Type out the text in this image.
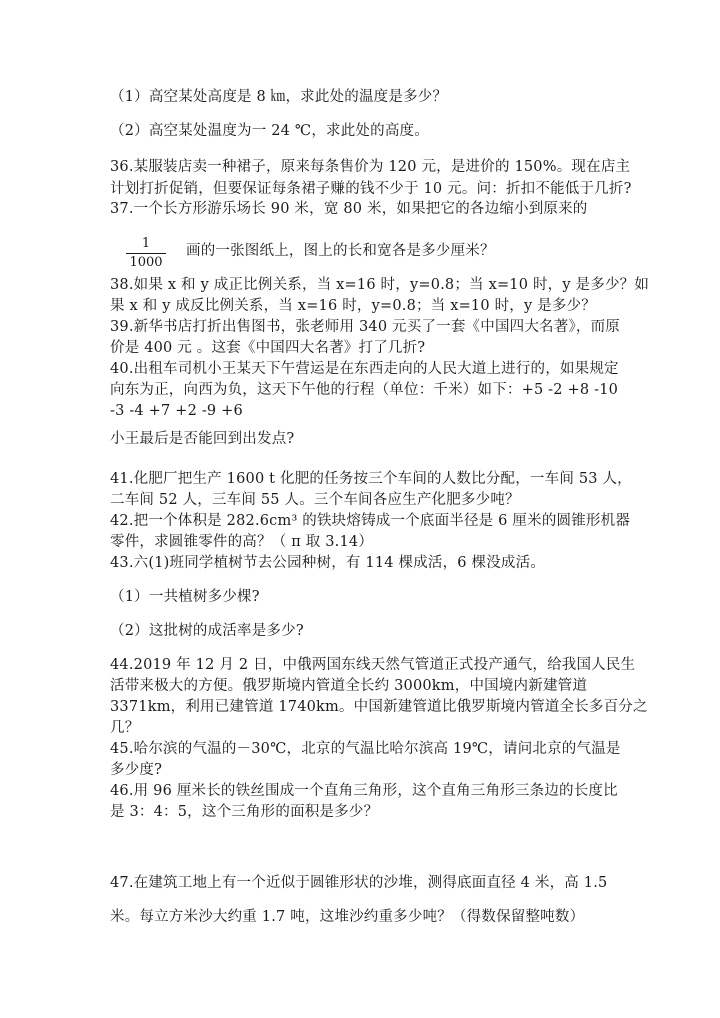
（1）高空某处高度是 8 ㎞，求此处的温度是多少？
（2）高空某处温度为一 24 ℃，求此处的高度。
36.某服装店卖一种裙子，原来每条售价为 120 元，是进价的 150%。现在店主
计划打折促销，但要保证每条裙子赚的钱不少于 10 元。问：折扣不能低于几折?
37.一个长方形游乐场长 90 米，宽 80 米，如果把它的各边缩小到原来的
$\frac{1}{1000}$ 画的一张图纸上，图上的长和宽各是多少厘米？
38.如果 x 和 y 成正比例关系，当 x=16 时，y=0.8；当 x=10 时，y 是多少？如
果 x 和 y 成反比例关系，当 x=16 时，y=0.8；当 x=10 时，y 是多少？
39.新华书店打折出售图书，张老师用 340 元买了一套《中国四大名著》，而原
价是 400 元 。这套《中国四大名著》打了几折?
40.出租车司机小王某天下午营运是在东西走向的人民大道上进行的，如果规定
向东为正，向西为负，这天下午他的行程（单位：千米）如下：+5 -2 +8 -10
-3 -4 +7 +2 -9 +6
小王最后是否能回到出发点?
41.化肥厂把生产 1600 t 化肥的任务按三个车间的人数比分配，一车间 53 人，
二车间 52 人，三车间 55 人。三个车间各应生产化肥多少吨？
42.把一个体积是 282.6cm³ 的铁块熔铸成一个底面半径是 6 厘米的圆锥形机器
零件，求圆锥零件的高？（ π 取 3.14）
43.六(1)班同学植树节去公园种树，有 114 棵成活，6 棵没成活。
（1）一共植树多少棵?
（2）这批树的成活率是多少?
44.2019 年 12 月 2 日，中俄两国东线天然气管道正式投产通气，给我国人民生
活带来极大的方便。俄罗斯境内管道全长约 3000km，中国境内新建管道
3371km，利用已建管道 1740km。中国新建管道比俄罗斯境内管道全长多百分之
几？
45.哈尔滨的气温的－30℃，北京的气温比哈尔滨高 19℃，请问北京的气温是
多少度?
46.用 96 厘米长的铁丝围成一个直角三角形，这个直角三角形三条边的长度比
是 3：4：5，这个三角形的面积是多少？
47.在建筑工地上有一个近似于圆锥形状的沙堆，测得底面直径 4 米，高 1.5
米。每立方米沙大约重 1.7 吨，这堆沙约重多少吨？（得数保留整吨数）
